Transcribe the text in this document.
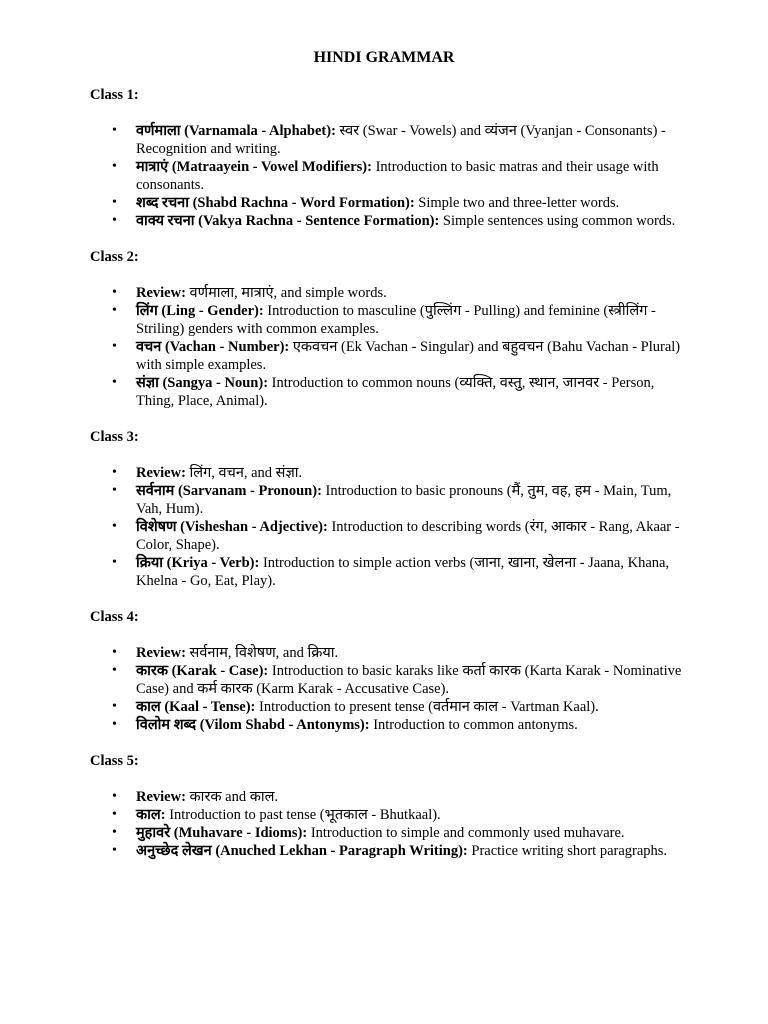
HINDI GRAMMAR
Class 1:
• वर्णमाला (Varnamala - Alphabet): स्वर (Swar - Vowels) and व्यंजन (Vyanjan - Consonants) - Recognition and writing.
• मात्राएं (Matraayein - Vowel Modifiers): Introduction to basic matras and their usage with consonants.
• शब्द रचना (Shabd Rachna - Word Formation): Simple two and three-letter words.
• वाक्य रचना (Vakya Rachna - Sentence Formation): Simple sentences using common words.
Class 2:
• Review: वर्णमाला, मात्राएं, and simple words.
• लिंग (Ling - Gender): Introduction to masculine (पुल्लिंग - Pulling) and feminine (स्त्रीलिंग - Striling) genders with common examples.
• वचन (Vachan - Number): एकवचन (Ek Vachan - Singular) and बहुवचन (Bahu Vachan - Plural) with simple examples.
• संज्ञा (Sangya - Noun): Introduction to common nouns (व्यक्ति, वस्तु, स्थान, जानवर - Person, Thing, Place, Animal).
Class 3:
• Review: लिंग, वचन, and संज्ञा.
• सर्वनाम (Sarvanam - Pronoun): Introduction to basic pronouns (मैं, तुम, वह, हम - Main, Tum, Vah, Hum).
• विशेषण (Visheshan - Adjective): Introduction to describing words (रंग, आकार - Rang, Akaar - Color, Shape).
• क्रिया (Kriya - Verb): Introduction to simple action verbs (जाना, खाना, खेलना - Jaana, Khana, Khelna - Go, Eat, Play).
Class 4:
• Review: सर्वनाम, विशेषण, and क्रिया.
• कारक (Karak - Case): Introduction to basic karaks like कर्ता कारक (Karta Karak - Nominative Case) and कर्म कारक (Karm Karak - Accusative Case).
• काल (Kaal - Tense): Introduction to present tense (वर्तमान काल - Vartman Kaal).
• विलोम शब्द (Vilom Shabd - Antonyms): Introduction to common antonyms.
Class 5:
• Review: कारक and काल.
• काल: Introduction to past tense (भूतकाल - Bhutkaal).
• मुहावरे (Muhavare - Idioms): Introduction to simple and commonly used muhavare.
• अनुच्छेद लेखन (Anuched Lekhan - Paragraph Writing): Practice writing short paragraphs.
